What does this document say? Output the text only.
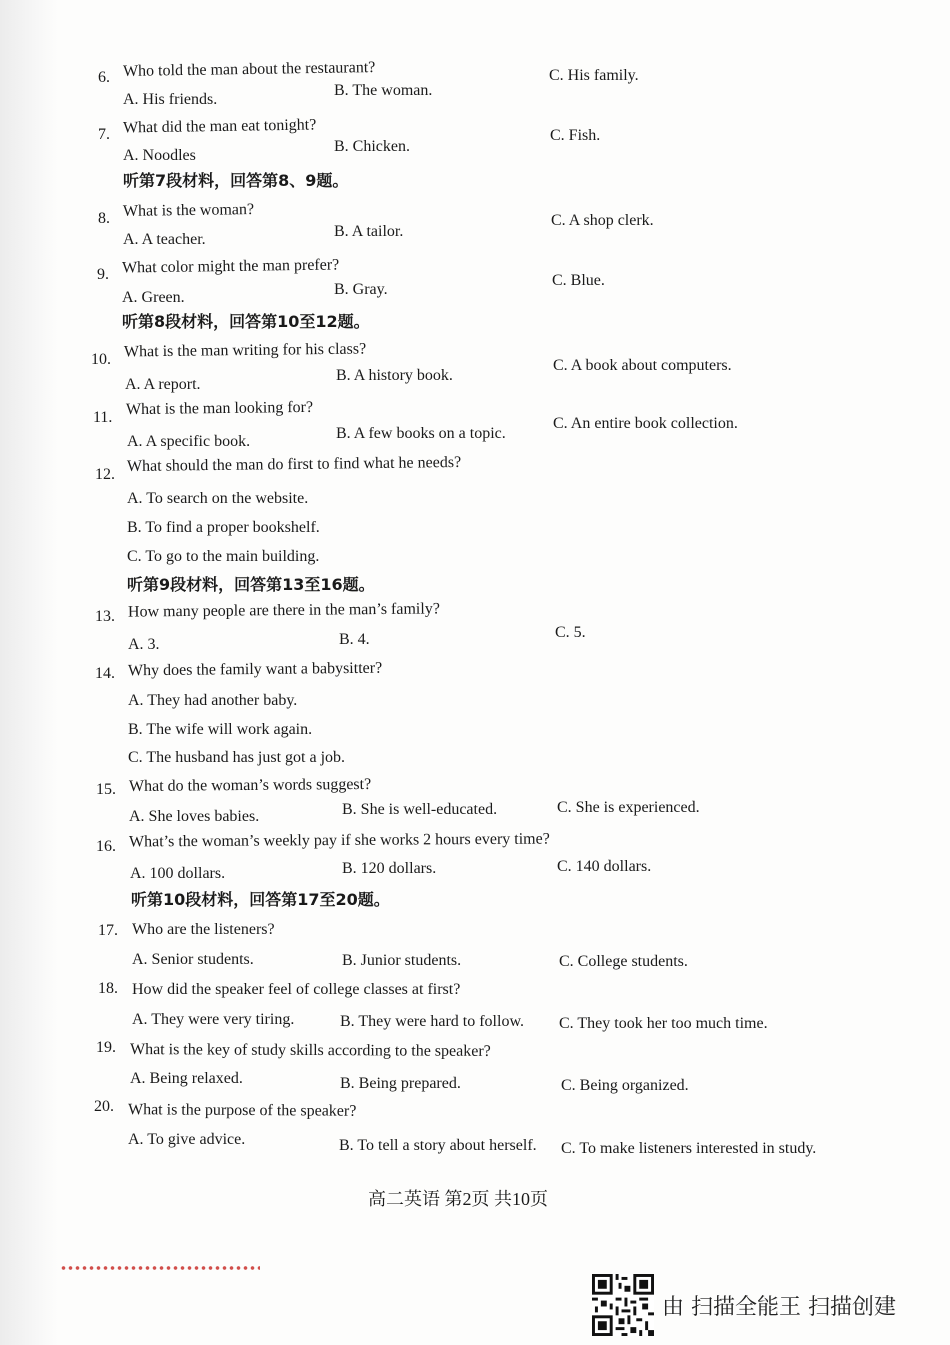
6. Who told the man about the restaurant?
A. His friends.
B. The woman.
C. His family.
7. What did the man eat tonight?
A. Noodles
B. Chicken.
C. Fish.
听第7段材料，回答第8、9题。
8. What is the woman?
A. A teacher.	B. A tailor.
C. A shop clerk.
9. What color might the man prefer?
A. Green.	B. Gray.
C. Blue.
听第8段材料，回答第10至12题。
10. What is the man writing for his class?
A. A report.
B. A history book.
C. A book about computers.
11. What is the man looking for?
A. A specific book.	B. A few books on a topic.
C. An entire book collection.
12. What should the man do first to find what he needs?
A. To search on the website.
B. To find a proper bookshelf.
C. To go to the main building.
听第9段材料，回答第13至16题。
13. How many people are there in the man’s family?
A. 3.	B. 4.	C. 5.
14. Why does the family want a babysitter?
A. They had another baby.
B. The wife will work again.
C. The husband has just got a job.
15. What do the woman’s words suggest?
A. She loves babies.	B. She is well-educated.	C. She is experienced.
16. What’s the woman’s weekly pay if she works 2 hours every time?
A. 100 dollars.	B. 120 dollars.	C. 140 dollars.
听第10段材料，回答第17至20题。
17. Who are the listeners?
A. Senior students.	B. Junior students.	C. College students.
18. How did the speaker feel of college classes at first?
A. They were very tiring.	B. They were hard to follow. C. They took her too much time.
19. What is the key of study skills according to the speaker?
A. Being relaxed.	B. Being prepared.	C. Being organized.
20. What is the purpose of the speaker?
A. To give advice.	B. To tell a story about herself. C. To make listeners interested in study.
高二英语 第2页 共10页
由 扫描全能王 扫描创建
